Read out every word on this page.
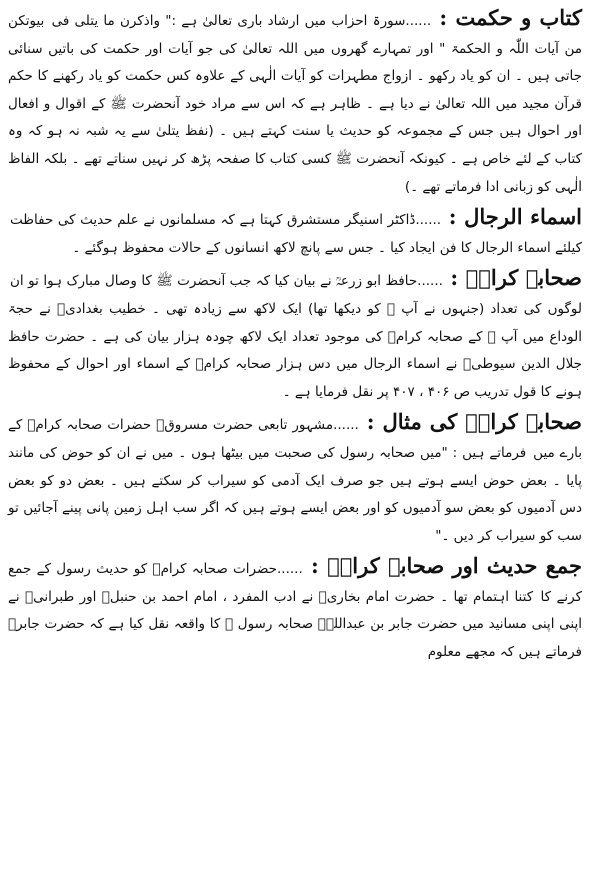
کتاب و حکمت : ......سورۃ احزاب میں ارشاد باری تعالیٰ ہے :" واذکرن ما یتلی فی بیوتکن من آیات اللّٰہ و الحکمۃ " اور تمہارے گھروں میں اللہ تعالیٰ کی جو آیات اور حکمت کی باتیں سنائی جاتی ہیں ۔ ان کو یاد رکھو ۔ ازواج مطہرات کو آیات الٰہی کے علاوہ کس حکمت کو یاد رکھنے کا حکم قرآن مجید میں اللہ تعالیٰ نے دیا ہے ۔ ظاہر ہے کہ اس سے مراد خود آنحضرت ﷺ کے اقوال و افعال اور احوال ہیں جس کے مجموعہ کو حدیث یا سنت کہتے ہیں ۔ (نفظ یتلیٰ سے یہ شبہ نہ ہو کہ وہ کتاب کے لئے خاص ہے ۔ کیونکہ آنحضرت ﷺ کسی کتاب کا صفحہ پڑھ کر نہیں سناتے تھے ۔ بلکہ الفاظ الٰہی کو زبانی ادا فرماتے تھے ۔)

اسماء الرجال : ......ڈاکٹر اسنیگر مستشرق کہتا ہے کہ مسلمانوں نے علم حدیث کی حفاظت کیلئے اسماء الرجال کا فن ایجاد کیا ۔ جس سے پانچ لاکھ انسانوں کے حالات محفوظ ہوگئے ۔

صحابہ کرامؓ : ......حافظ ابو زرعہؒ نے بیان کیا کہ جب آنحضرت ﷺ کا وصال مبارک ہوا تو ان لوگوں کی تعداد (جنہوں نے آپ ﷺ کو دیکھا تھا) ایک لاکھ سے زیادہ تھی ۔ خطیب بغدادیؒ نے حجۃ الوداع میں آپ ﷺ کے صحابہ کرامؓ کی موجود تعداد ایک لاکھ چودہ ہزار بیان کی ہے ۔ حضرت حافظ جلال الدین سیوطیؒ نے اسماء الرجال میں دس ہزار صحابہ کرامؓ کے اسماء اور احوال کے محفوظ ہونے کا قول تدریب ص ۴۰۶ ، ۴۰۷ پر نقل فرمایا ہے ۔

صحابہ کرامؓ کی مثال : ......مشہور تابعی حضرت مسروقؒ حضرات صحابہ کرامؓ کے بارے میں فرماتے ہیں : "میں صحابہ رسول کی صحبت میں بیٹھا ہوں ۔ میں نے ان کو حوض کی مانند پایا ۔ بعض حوض ایسے ہوتے ہیں جو صرف ایک آدمی کو سیراب کر سکتے ہیں ۔ بعض دو کو بعض دس آدمیوں کو بعض سو آدمیوں کو اور بعض ایسے ہوتے ہیں کہ اگر سب اہل زمین پانی پینے آجائیں تو سب کو سیراب کر دیں ۔"

جمع حدیث اور صحابہ کرامؓ : ......حضرات صحابہ کرامؓ کو حدیث رسول کے جمع کرنے کا کتنا اہتمام تھا ۔ حضرت امام بخاریؒ نے ادب المفرد ، امام احمد بن حنبلؒ اور طبرانیؒ نے اپنی اپنی مسانید میں حضرت جابر بن عبداللہؓ صحابہ رسول ﷺ کا واقعہ نقل کیا ہے کہ حضرت جابرؓ فرماتے ہیں کہ مجھے معلوم
